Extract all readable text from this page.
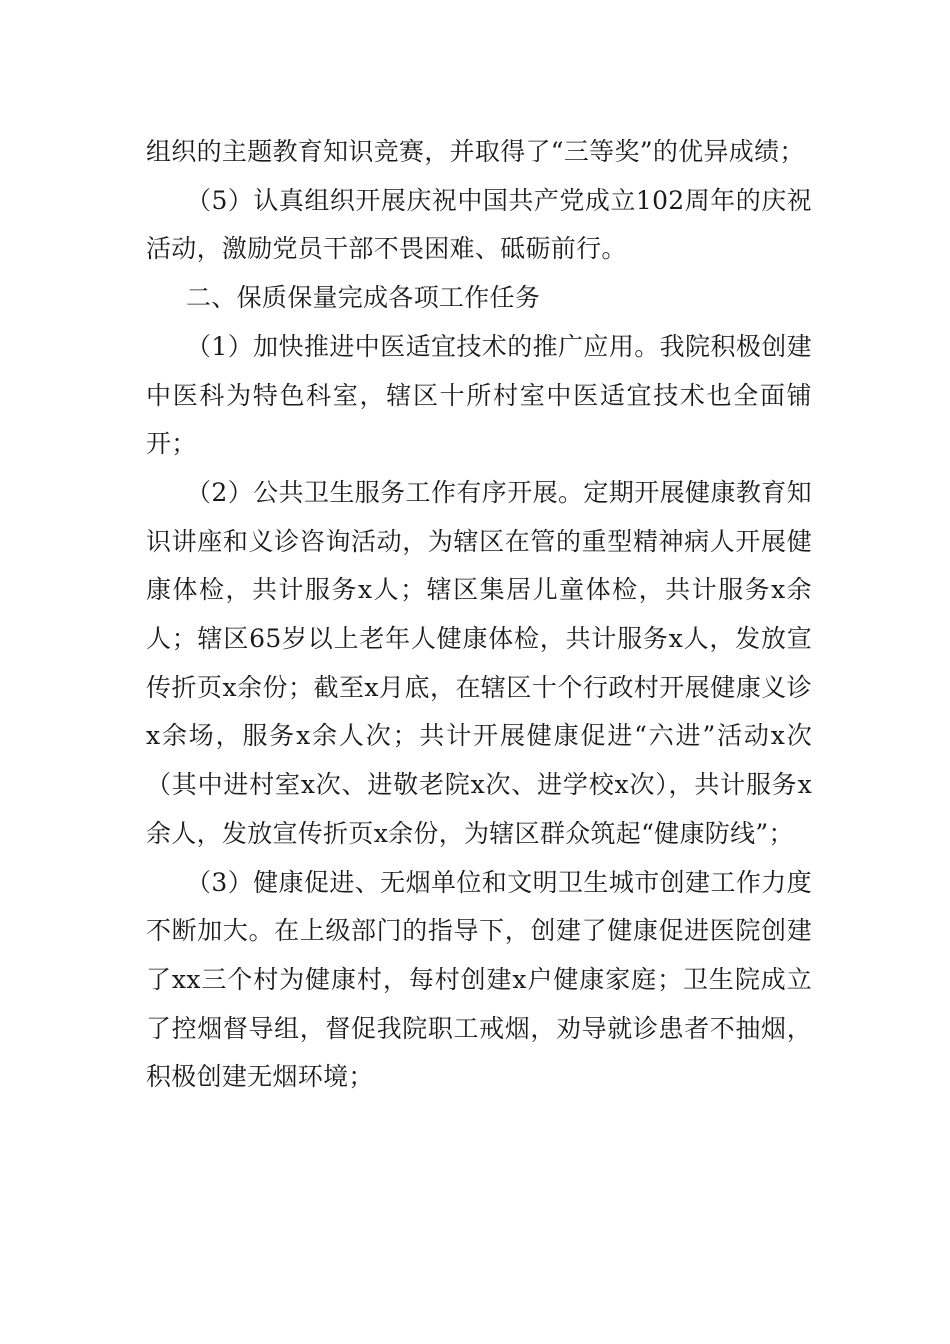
组织的主题教育知识竞赛，并取得了“三等奖”的优异成绩；

（5）认真组织开展庆祝中国共产党成立102周年的庆祝活动，激励党员干部不畏困难、砥砺前行。

二、保质保量完成各项工作任务

（1）加快推进中医适宜技术的推广应用。我院积极创建中医科为特色科室，辖区十所村室中医适宜技术也全面铺开；

（2）公共卫生服务工作有序开展。定期开展健康教育知识讲座和义诊咨询活动，为辖区在管的重型精神病人开展健康体检，共计服务x人；辖区集居儿童体检，共计服务x余人；辖区65岁以上老年人健康体检，共计服务x人，发放宣传折页x余份；截至x月底，在辖区十个行政村开展健康义诊x余场，服务x余人次；共计开展健康促进“六进”活动x次（其中进村室x次、进敬老院x次、进学校x次），共计服务x余人，发放宣传折页x余份，为辖区群众筑起“健康防线”；

（3）健康促进、无烟单位和文明卫生城市创建工作力度不断加大。在上级部门的指导下，创建了健康促进医院创建了xx三个村为健康村，每村创建x户健康家庭；卫生院成立了控烟督导组，督促我院职工戒烟，劝导就诊患者不抽烟，积极创建无烟环境；
